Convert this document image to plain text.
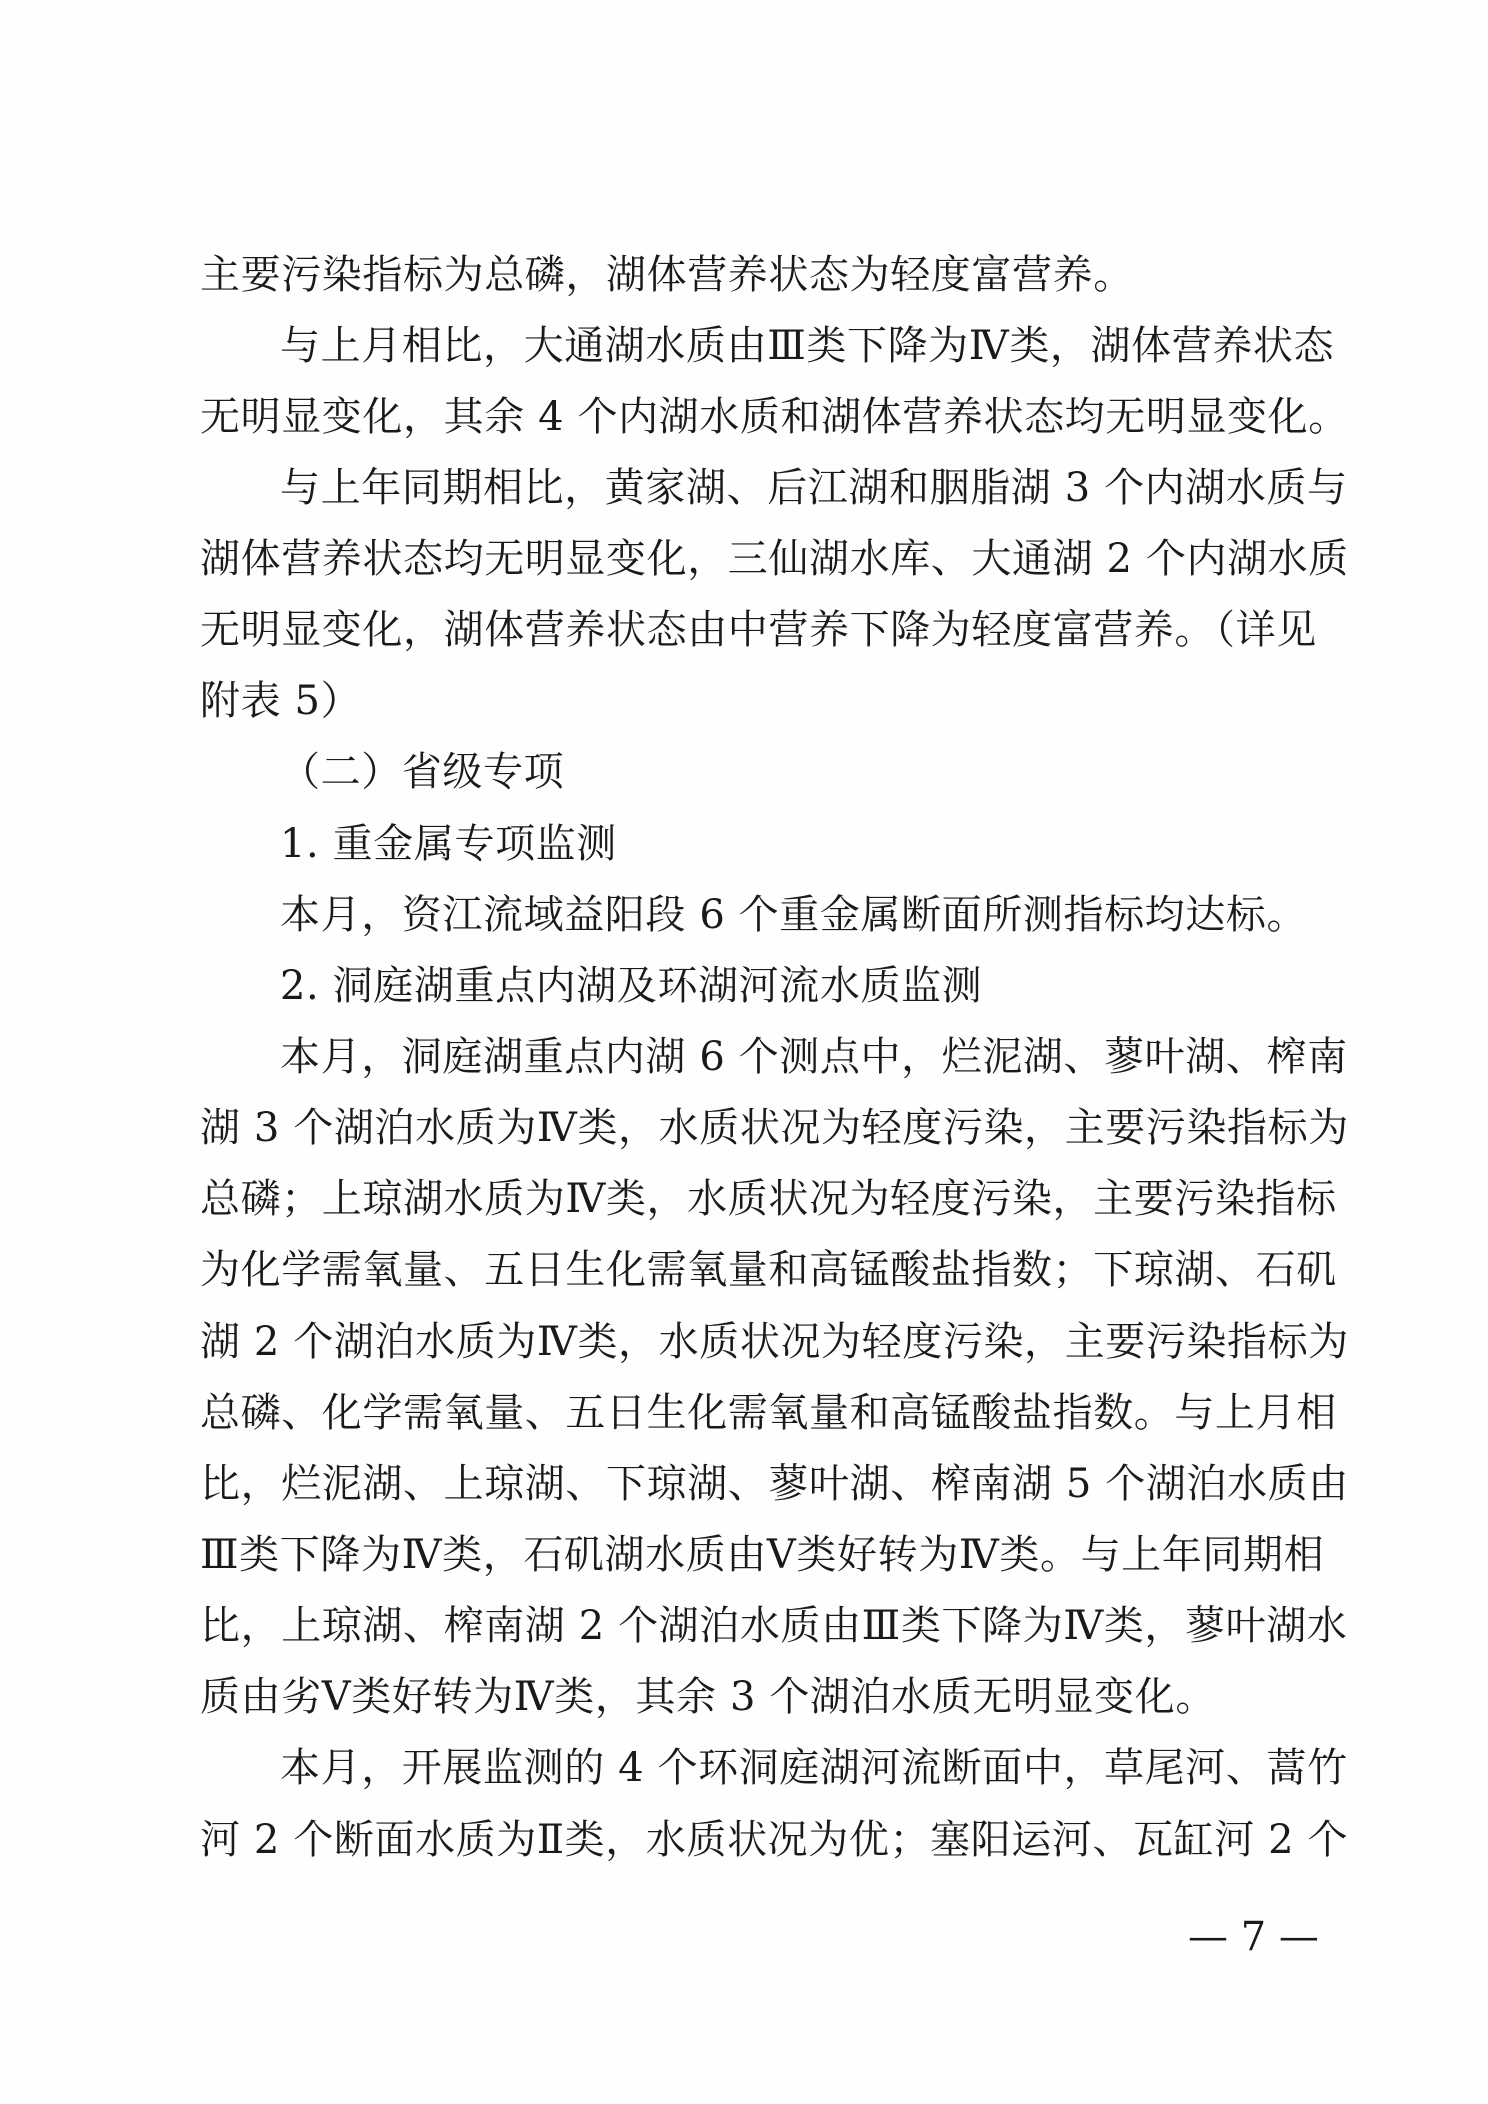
主要污染指标为总磷，湖体营养状态为轻度富营养。
与上月相比，大通湖水质由Ⅲ类下降为Ⅳ类，湖体营养状态
无明显变化，其余 4 个内湖水质和湖体营养状态均无明显变化。
与上年同期相比，黄家湖、后江湖和胭脂湖 3 个内湖水质与
湖体营养状态均无明显变化，三仙湖水库、大通湖 2 个内湖水质
无明显变化，湖体营养状态由中营养下降为轻度富营养。（详见
附表 5）
（二）省级专项
1. 重金属专项监测
本月，资江流域益阳段 6 个重金属断面所测指标均达标。
2. 洞庭湖重点内湖及环湖河流水质监测
本月，洞庭湖重点内湖 6 个测点中，烂泥湖、蓼叶湖、榨南
湖 3 个湖泊水质为Ⅳ类，水质状况为轻度污染，主要污染指标为
总磷；上琼湖水质为Ⅳ类，水质状况为轻度污染，主要污染指标
为化学需氧量、五日生化需氧量和高锰酸盐指数；下琼湖、石矶
湖 2 个湖泊水质为Ⅳ类，水质状况为轻度污染，主要污染指标为
总磷、化学需氧量、五日生化需氧量和高锰酸盐指数。与上月相
比，烂泥湖、上琼湖、下琼湖、蓼叶湖、榨南湖 5 个湖泊水质由
Ⅲ类下降为Ⅳ类，石矶湖水质由Ⅴ类好转为Ⅳ类。与上年同期相
比，上琼湖、榨南湖 2 个湖泊水质由Ⅲ类下降为Ⅳ类，蓼叶湖水
质由劣Ⅴ类好转为Ⅳ类，其余 3 个湖泊水质无明显变化。
本月，开展监测的 4 个环洞庭湖河流断面中，草尾河、蒿竹
河 2 个断面水质为Ⅱ类，水质状况为优；塞阳运河、瓦缸河 2 个
— 7 —
